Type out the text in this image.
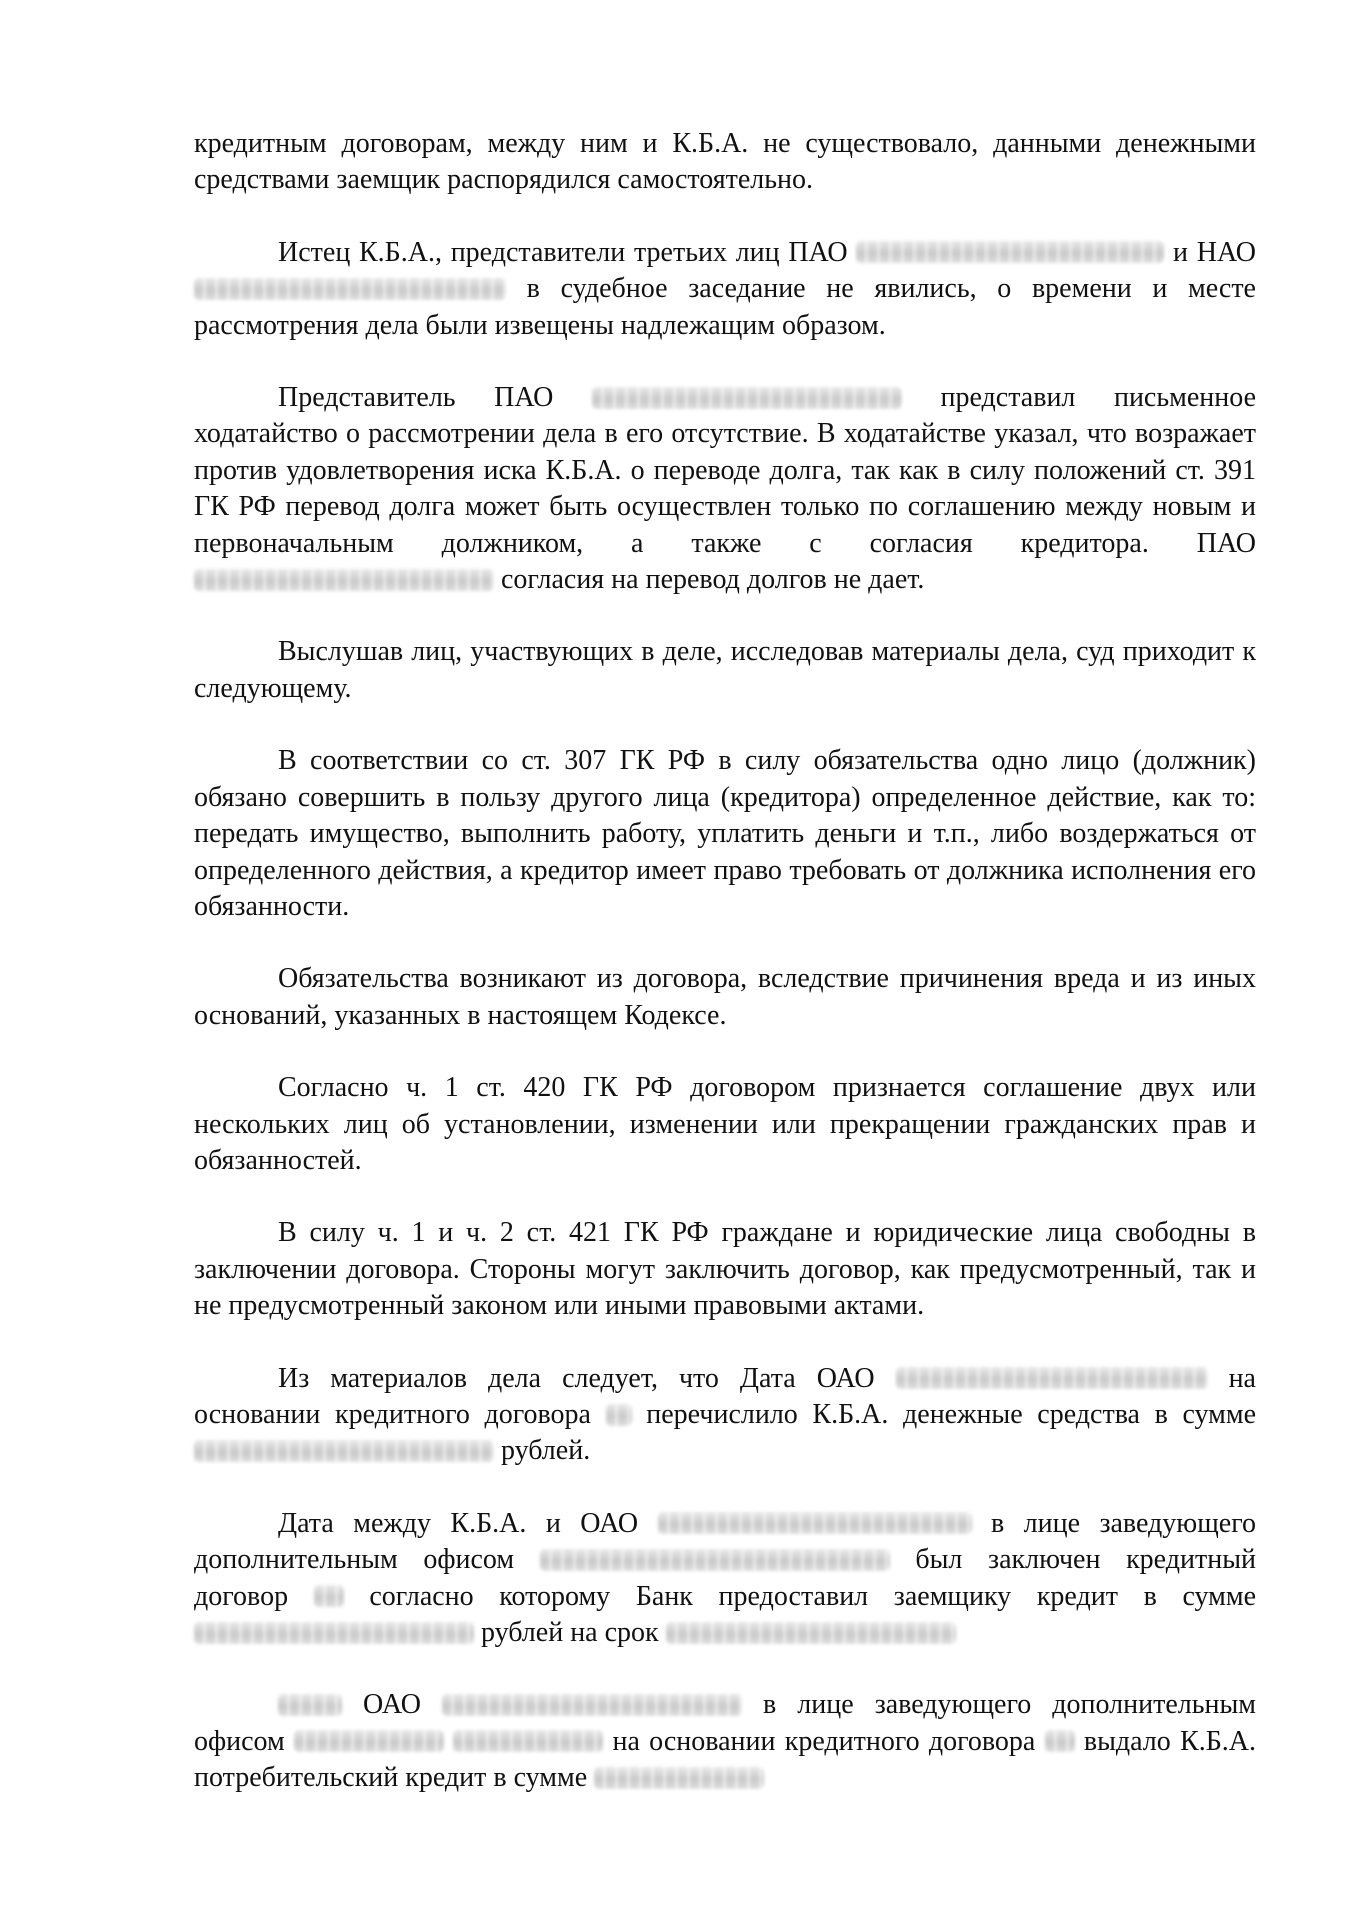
кредитным договорам, между ним и К.Б.А. не существовало, данными денежными средствами заемщик распорядился самостоятельно.

Истец К.Б.А., представители третьих лиц ПАО	и НАО  в судебное заседание не явились, о времени и месте рассмотрения дела были извещены надлежащим образом.

Представитель ПАО	представил письменное ходатайство о рассмотрении дела в его отсутствие. В ходатайстве указал, что возражает против удовлетворения иска К.Б.А. о переводе долга, так как в силу положений ст. 391 ГК РФ перевод долга может быть осуществлен только по соглашению между новым и первоначальным должником, а также с согласия кредитора. ПАО  согласия на перевод долгов не дает.

Выслушав лиц, участвующих в деле, исследовав материалы дела, суд приходит к следующему.

В соответствии со ст. 307 ГК РФ в силу обязательства одно лицо (должник) обязано совершить в пользу другого лица (кредитора) определенное действие, как то: передать имущество, выполнить работу, уплатить деньги и т.п., либо воздержаться от определенного действия, а кредитор имеет право требовать от должника исполнения его обязанности.

Обязательства возникают из договора, вследствие причинения вреда и из иных оснований, указанных в настоящем Кодексе.

Согласно ч. 1 ст. 420 ГК РФ договором признается соглашение двух или нескольких лиц об установлении, изменении или прекращении гражданских прав и обязанностей.

В силу ч. 1 и ч. 2 ст. 421 ГК РФ граждане и юридические лица свободны в заключении договора. Стороны могут заключить договор, как предусмотренный, так и не предусмотренный законом или иными правовыми актами.

Из материалов дела следует, что Дата ОАО	на основании кредитного договора  перечислило К.Б.А. денежные средства в сумме  рублей.

Дата между К.Б.А. и ОАО	в лице заведующего дополнительным офисом	был заключен кредитный договор  согласно которому Банк предоставил заемщику кредит в сумме  рублей на срок

ОАО	в лице заведующего дополнительным офисом	на основании кредитного договора  выдало К.Б.А. потребительский кредит в сумме
